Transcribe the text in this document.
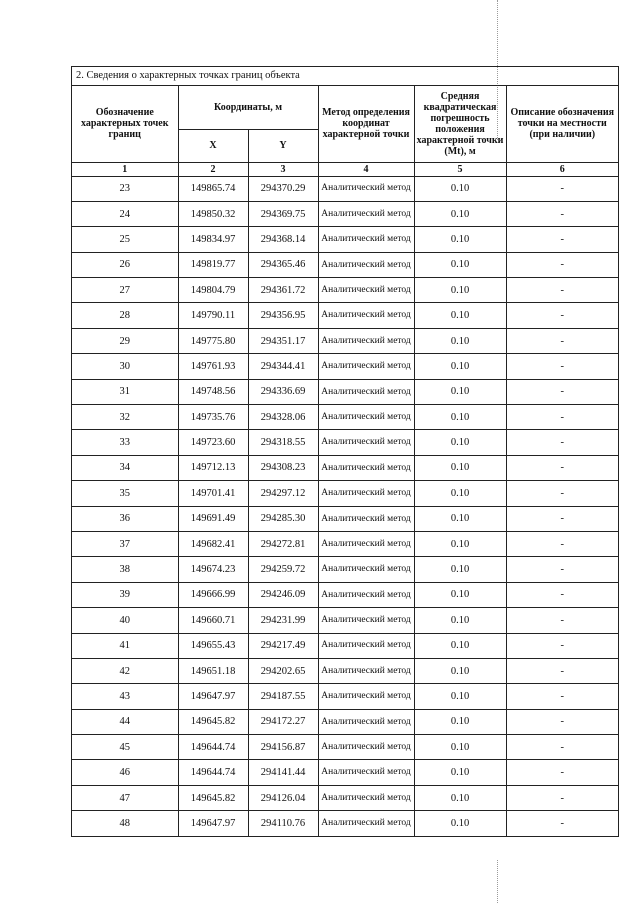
2. Сведения о характерных точках границ объекта
Обозначение характерных точек границ	Координаты, м		Метод определения координат характерной точки	Средняя квадратическая погрешность положения характерной точки (Mt), м	Описание обозначения точки на местности (при наличии)
	X	Y			
1	2	3	4	5	6
23	149865.74	294370.29	Аналитический метод	0.10	-
24	149850.32	294369.75	Аналитический метод	0.10	-
25	149834.97	294368.14	Аналитический метод	0.10	-
26	149819.77	294365.46	Аналитический метод	0.10	-
27	149804.79	294361.72	Аналитический метод	0.10	-
28	149790.11	294356.95	Аналитический метод	0.10	-
29	149775.80	294351.17	Аналитический метод	0.10	-
30	149761.93	294344.41	Аналитический метод	0.10	-
31	149748.56	294336.69	Аналитический метод	0.10	-
32	149735.76	294328.06	Аналитический метод	0.10	-
33	149723.60	294318.55	Аналитический метод	0.10	-
34	149712.13	294308.23	Аналитический метод	0.10	-
35	149701.41	294297.12	Аналитический метод	0.10	-
36	149691.49	294285.30	Аналитический метод	0.10	-
37	149682.41	294272.81	Аналитический метод	0.10	-
38	149674.23	294259.72	Аналитический метод	0.10	-
39	149666.99	294246.09	Аналитический метод	0.10	-
40	149660.71	294231.99	Аналитический метод	0.10	-
41	149655.43	294217.49	Аналитический метод	0.10	-
42	149651.18	294202.65	Аналитический метод	0.10	-
43	149647.97	294187.55	Аналитический метод	0.10	-
44	149645.82	294172.27	Аналитический метод	0.10	-
45	149644.74	294156.87	Аналитический метод	0.10	-
46	149644.74	294141.44	Аналитический метод	0.10	-
47	149645.82	294126.04	Аналитический метод	0.10	-
48	149647.97	294110.76	Аналитический метод	0.10	-
